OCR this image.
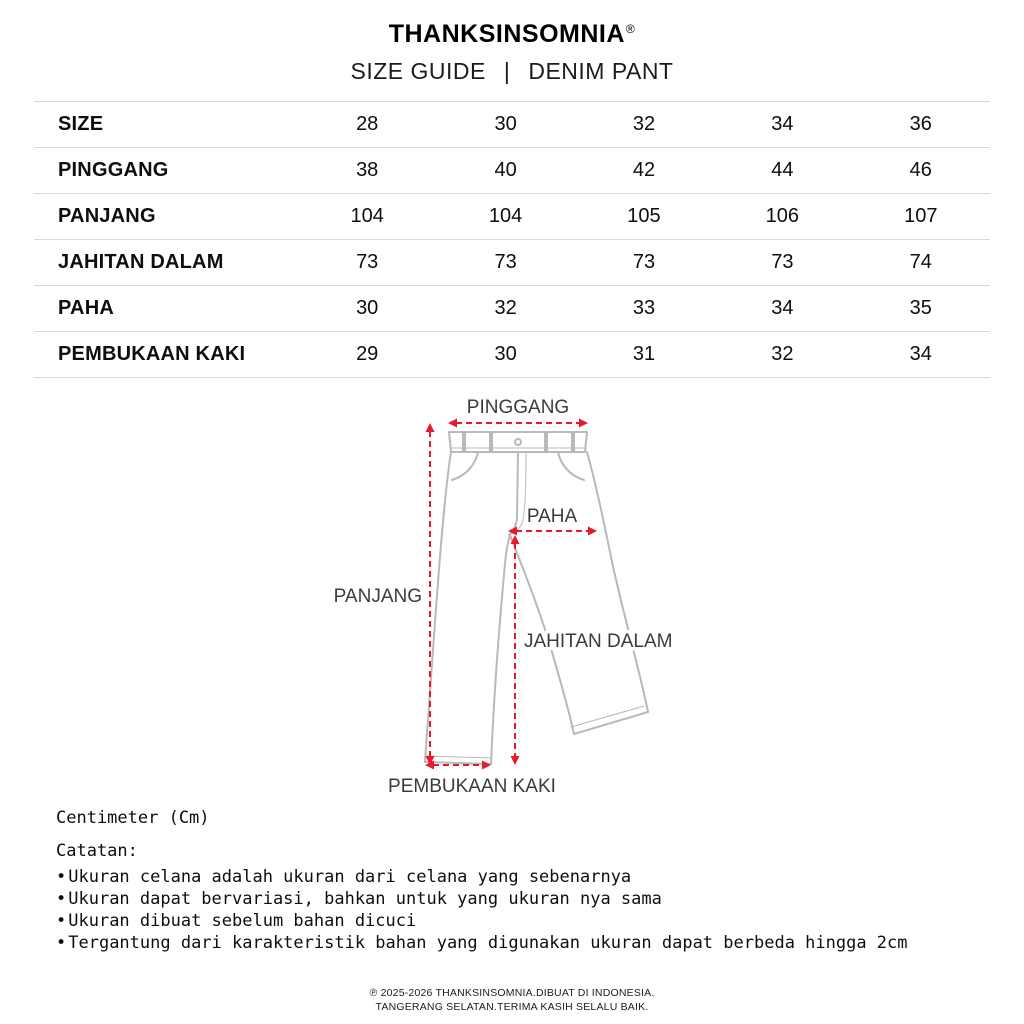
THANKSINSOMNIA®
SIZE GUIDE | DENIM PANT
SIZE	28	30	32	34	36
PINGGANG	38	40	42	44	46
PANJANG	104	104	105	106	107
JAHITAN DALAM	73	73	73	73	74
PAHA	30	32	33	34	35
PEMBUKAAN KAKI	29	30	31	32	34
PINGGANG
PAHA
PANJANG
JAHITAN DALAM
PEMBUKAAN KAKI
Centimeter (Cm)
Catatan:
• Ukuran celana adalah ukuran dari celana yang sebenarnya
• Ukuran dapat bervariasi, bahkan untuk yang ukuran nya sama
• Ukuran dibuat sebelum bahan dicuci
• Tergantung dari karakteristik bahan yang digunakan ukuran dapat berbeda hingga 2cm
℗ 2025-2026 THANKSINSOMNIA.DIBUAT DI INDONESIA.
TANGERANG SELATAN.TERIMA KASIH SELALU BAIK.
